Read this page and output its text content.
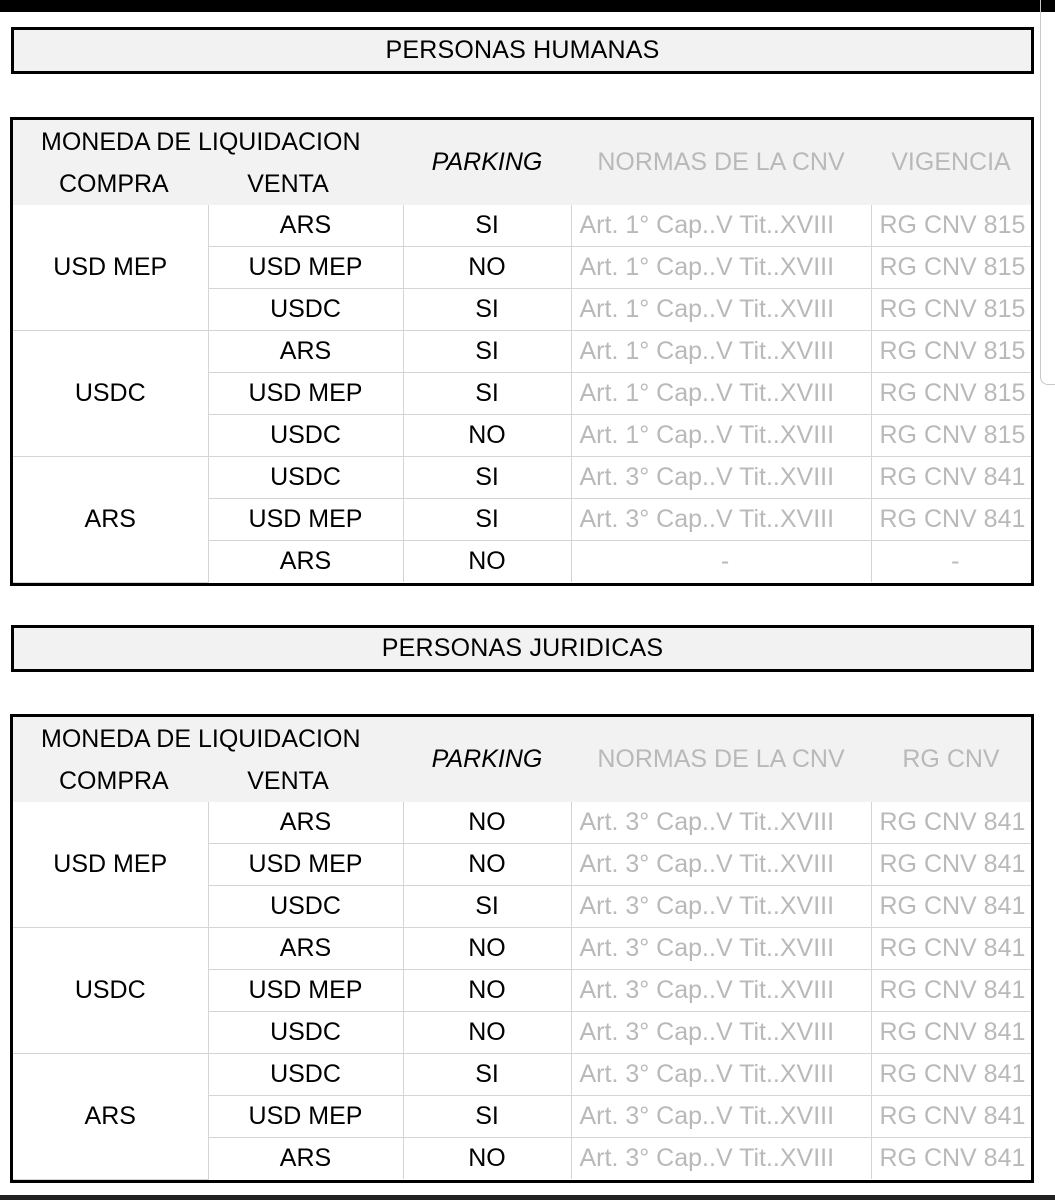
PERSONAS HUMANAS
MONEDA DE LIQUIDACION
COMPRA VENTA		PARKING	NORMAS DE LA CNV	VIGENCIA
USD MEP	ARS	SI	Art. 1° Cap..V Tit..XVIII	RG CNV 815
	USD MEP	NO	Art. 1° Cap..V Tit..XVIII	RG CNV 815
	USDC	SI	Art. 1° Cap..V Tit..XVIII	RG CNV 815
USDC	ARS	SI	Art. 1° Cap..V Tit..XVIII	RG CNV 815
	USD MEP	SI	Art. 1° Cap..V Tit..XVIII	RG CNV 815
	USDC	NO	Art. 1° Cap..V Tit..XVIII	RG CNV 815
ARS	USDC	SI	Art. 3° Cap..V Tit..XVIII	RG CNV 841
	USD MEP	SI	Art. 3° Cap..V Tit..XVIII	RG CNV 841
	ARS	NO	-	-
PERSONAS JURIDICAS
MONEDA DE LIQUIDACION
COMPRA VENTA		PARKING	NORMAS DE LA CNV	RG CNV
USD MEP	ARS	NO	Art. 3° Cap..V Tit..XVIII	RG CNV 841
	USD MEP	NO	Art. 3° Cap..V Tit..XVIII	RG CNV 841
	USDC	SI	Art. 3° Cap..V Tit..XVIII	RG CNV 841
USDC	ARS	NO	Art. 3° Cap..V Tit..XVIII	RG CNV 841
	USD MEP	NO	Art. 3° Cap..V Tit..XVIII	RG CNV 841
	USDC	NO	Art. 3° Cap..V Tit..XVIII	RG CNV 841
ARS	USDC	SI	Art. 3° Cap..V Tit..XVIII	RG CNV 841
	USD MEP	SI	Art. 3° Cap..V Tit..XVIII	RG CNV 841
	ARS	NO	Art. 3° Cap..V Tit..XVIII	RG CNV 841
